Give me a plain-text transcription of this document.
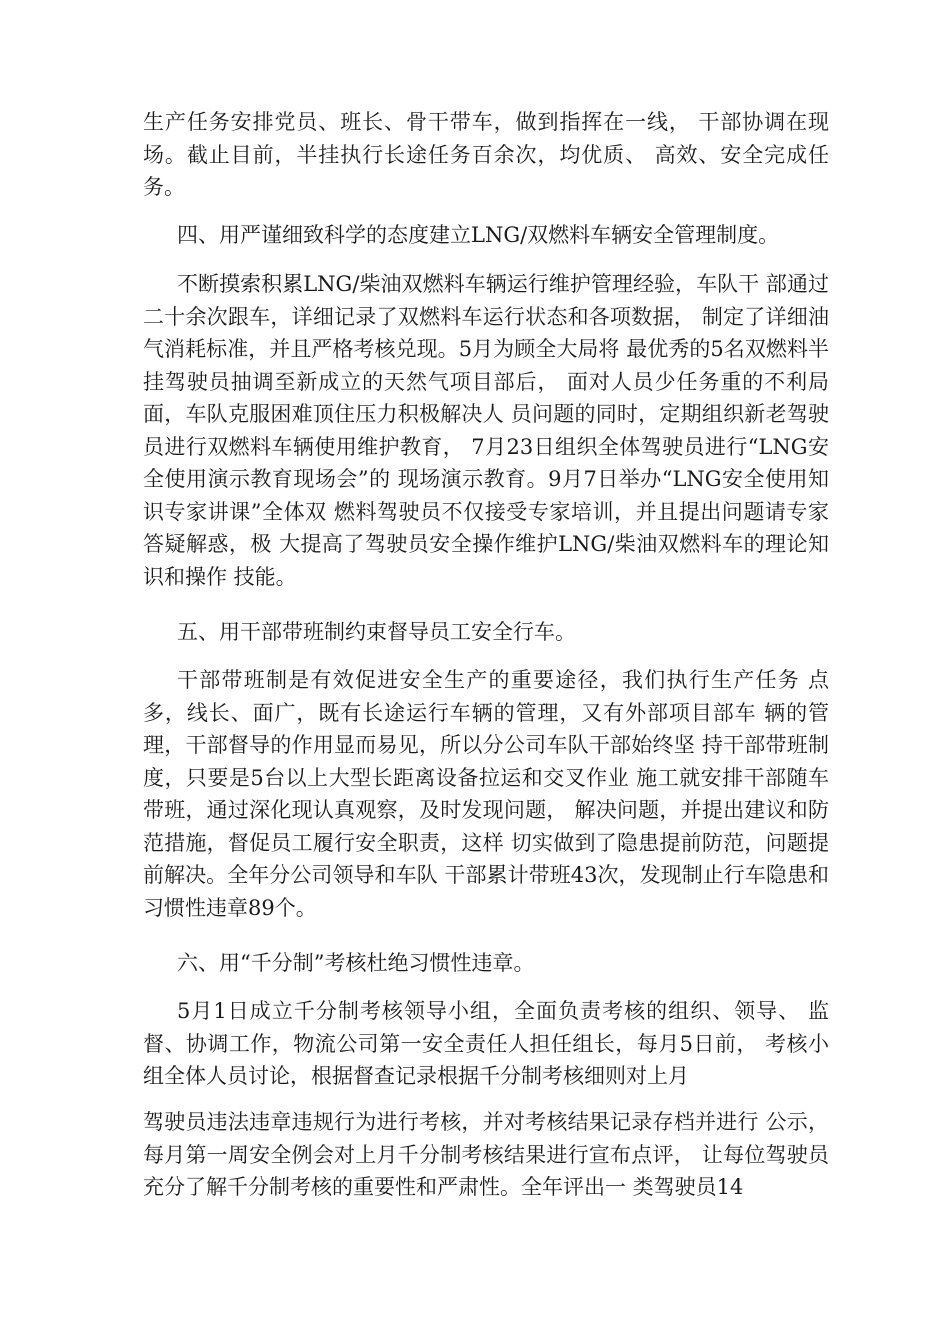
生产任务安排党员、班长、骨干带车，做到指挥在一线， 干部协调在现场。截止目前，半挂执行长途任务百余次，均优质、 高效、安全完成任务。

四、用严谨细致科学的态度建立LNG/双燃料车辆安全管理制度。

不断摸索积累LNG/柴油双燃料车辆运行维护管理经验，车队干 部通过二十余次跟车，详细记录了双燃料车运行状态和各项数据， 制定了详细油气消耗标准，并且严格考核兑现。5月为顾全大局将 最优秀的5名双燃料半挂驾驶员抽调至新成立的天然气项目部后， 面对人员少任务重的不利局面，车队克服困难顶住压力积极解决人 员问题的同时，定期组织新老驾驶员进行双燃料车辆使用维护教育， 7月23日组织全体驾驶员进行“LNG安全使用演示教育现场会”的 现场演示教育。9月7日举办“LNG安全使用知识专家讲课”全体双 燃料驾驶员不仅接受专家培训，并且提出问题请专家答疑解惑，极 大提高了驾驶员安全操作维护LNG/柴油双燃料车的理论知识和操作 技能。

五、用干部带班制约束督导员工安全行车。

干部带班制是有效促进安全生产的重要途径，我们执行生产任务 点多，线长、面广，既有长途运行车辆的管理，又有外部项目部车 辆的管理，干部督导的作用显而易见，所以分公司车队干部始终坚 持干部带班制度，只要是5台以上大型长距离设备拉运和交叉作业 施工就安排干部随车带班，通过深化现认真观察，及时发现问题， 解决问题，并提出建议和防范措施，督促员工履行安全职责，这样 切实做到了隐患提前防范，问题提前解决。全年分公司领导和车队 干部累计带班43次，发现制止行车隐患和习惯性违章89个。

六、用“千分制”考核杜绝习惯性违章。

5月1日成立千分制考核领导小组，全面负责考核的组织、领导、 监督、协调工作，物流公司第一安全责任人担任组长，每月5日前， 考核小组全体人员讨论，根据督查记录根据千分制考核细则对上月

驾驶员违法违章违规行为进行考核，并对考核结果记录存档并进行 公示，每月第一周安全例会对上月千分制考核结果进行宣布点评， 让每位驾驶员充分了解千分制考核的重要性和严肃性。全年评出一 类驾驶员14
